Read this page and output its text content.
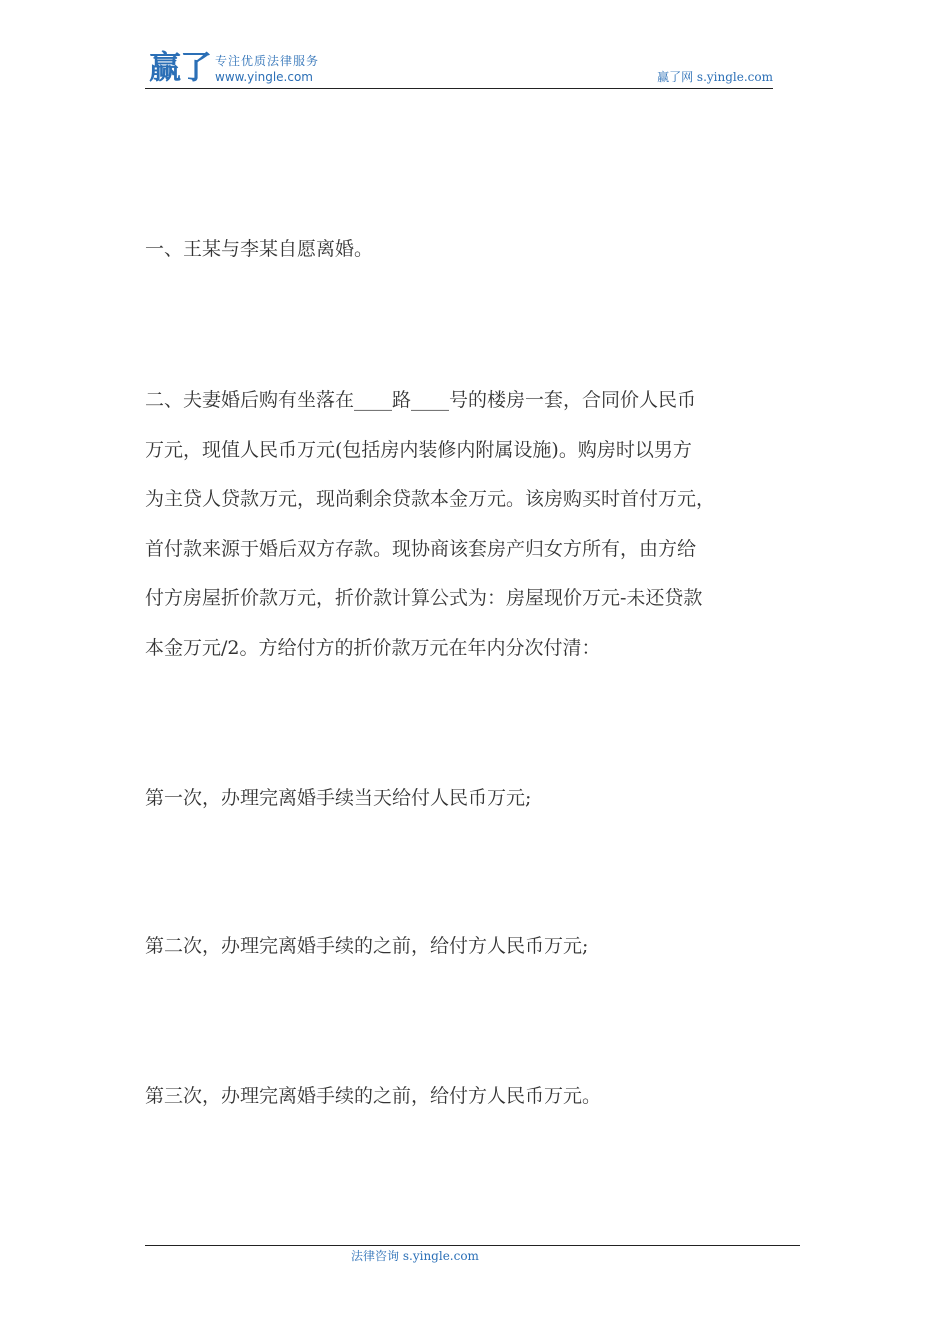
赢了 专注优质法律服务
www.yingle.com	赢了网 s.yingle.com

一、王某与李某自愿离婚。

二、夫妻婚后购有坐落在____路____号的楼房一套，合同价人民币
万元，现值人民币万元(包括房内装修内附属设施)。购房时以男方
为主贷人贷款万元，现尚剩余贷款本金万元。该房购买时首付万元，
首付款来源于婚后双方存款。现协商该套房产归女方所有，由方给
付方房屋折价款万元，折价款计算公式为：房屋现价万元-未还贷款
本金万元/2。方给付方的折价款万元在年内分次付清：

第一次，办理完离婚手续当天给付人民币万元;

第二次，办理完离婚手续的之前，给付方人民币万元;

第三次，办理完离婚手续的之前，给付方人民币万元。

法律咨询 s.yingle.com
